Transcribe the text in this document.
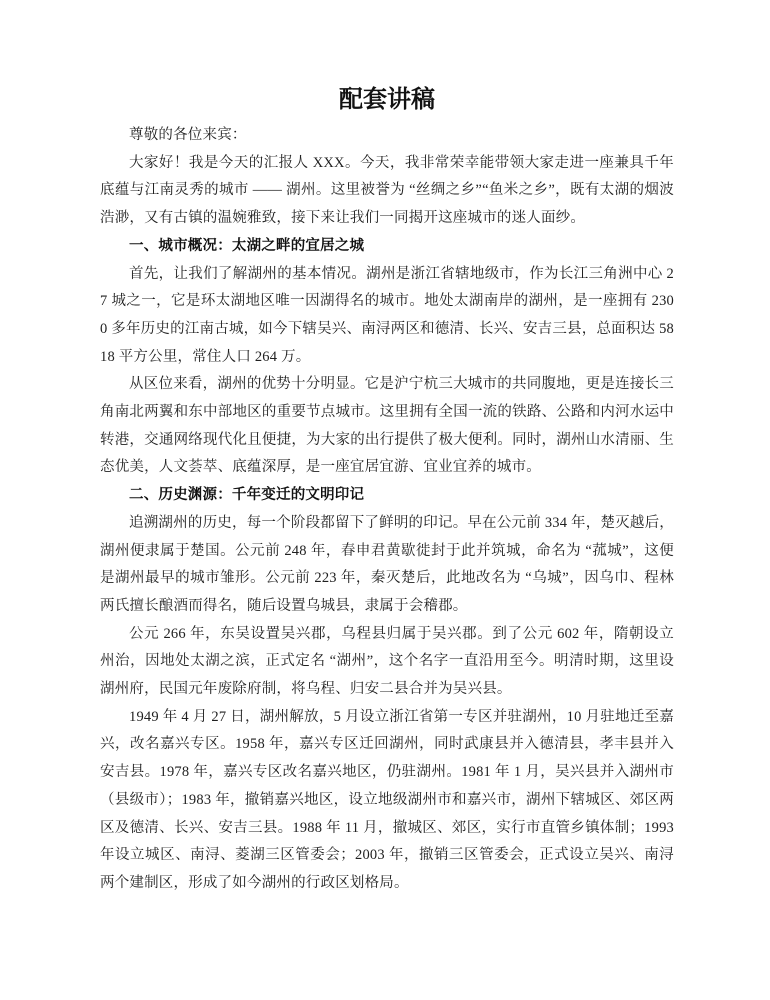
配套讲稿

尊敬的各位来宾：

大家好！我是今天的汇报人 XXX。今天，我非常荣幸能带领大家走进一座兼具千年底蕴与江南灵秀的城市 —— 湖州。这里被誉为 “丝绸之乡”“鱼米之乡”，既有太湖的烟波浩渺，又有古镇的温婉雅致，接下来让我们一同揭开这座城市的迷人面纱。

一、城市概况：太湖之畔的宜居之城

首先，让我们了解湖州的基本情况。湖州是浙江省辖地级市，作为长江三角洲中心 27 城之一，它是环太湖地区唯一因湖得名的城市。地处太湖南岸的湖州，是一座拥有 2300 多年历史的江南古城，如今下辖吴兴、南浔两区和德清、长兴、安吉三县，总面积达 5818 平方公里，常住人口 264 万。

从区位来看，湖州的优势十分明显。它是沪宁杭三大城市的共同腹地，更是连接长三角南北两翼和东中部地区的重要节点城市。这里拥有全国一流的铁路、公路和内河水运中转港，交通网络现代化且便捷，为大家的出行提供了极大便利。同时，湖州山水清丽、生态优美，人文荟萃、底蕴深厚，是一座宜居宜游、宜业宜养的城市。

二、历史渊源：千年变迁的文明印记

追溯湖州的历史，每一个阶段都留下了鲜明的印记。早在公元前 334 年，楚灭越后，湖州便隶属于楚国。公元前 248 年，春申君黄歇徙封于此并筑城，命名为 “菰城”，这便是湖州最早的城市雏形。公元前 223 年，秦灭楚后，此地改名为 “乌城”，因乌巾、程林两氏擅长酿酒而得名，随后设置乌城县，隶属于会稽郡。

公元 266 年，东吴设置吴兴郡，乌程县归属于吴兴郡。到了公元 602 年，隋朝设立州治，因地处太湖之滨，正式定名 “湖州”，这个名字一直沿用至今。明清时期，这里设湖州府，民国元年废除府制，将乌程、归安二县合并为吴兴县。

1949 年 4 月 27 日，湖州解放，5 月设立浙江省第一专区并驻湖州，10 月驻地迁至嘉兴，改名嘉兴专区。1958 年，嘉兴专区迁回湖州，同时武康县并入德清县，孝丰县并入安吉县。1978 年，嘉兴专区改名嘉兴地区，仍驻湖州。1981 年 1 月，吴兴县并入湖州市（县级市）；1983 年，撤销嘉兴地区，设立地级湖州市和嘉兴市，湖州下辖城区、郊区两区及德清、长兴、安吉三县。1988 年 11 月，撤城区、郊区，实行市直管乡镇体制；1993 年设立城区、南浔、菱湖三区管委会；2003 年，撤销三区管委会，正式设立吴兴、南浔两个建制区，形成了如今湖州的行政区划格局。
